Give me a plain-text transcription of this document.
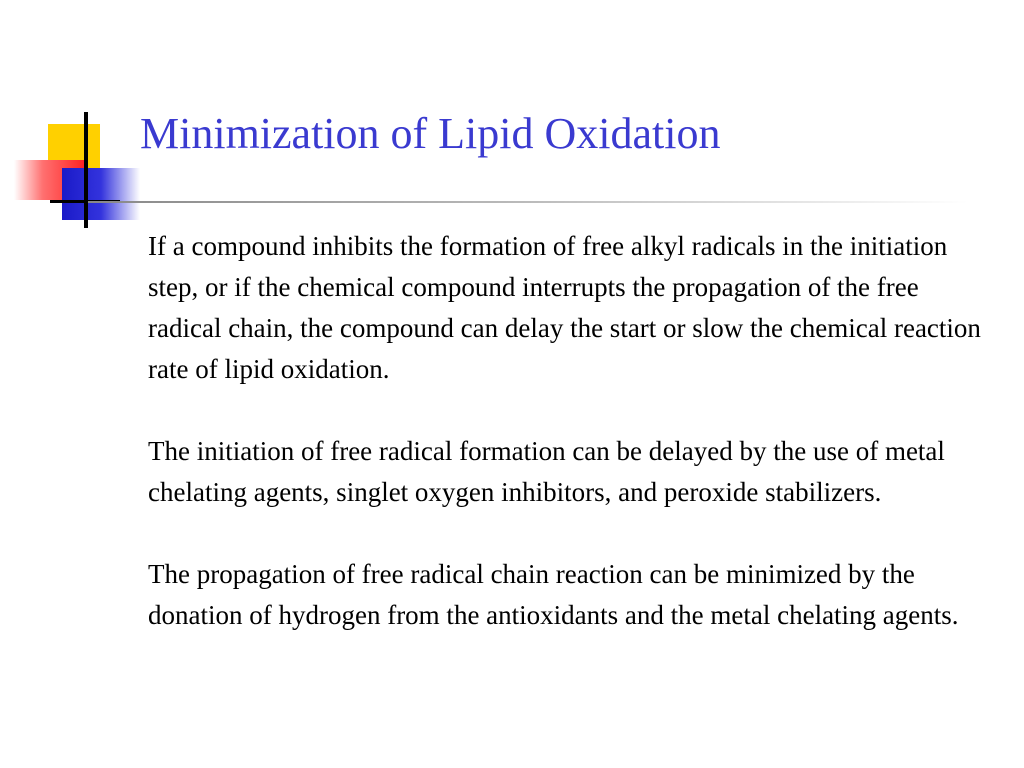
Minimization of Lipid Oxidation

If a compound inhibits the formation of free alkyl radicals in the initiation step, or if the chemical compound interrupts the propagation of the free radical chain, the compound can delay the start or slow the chemical reaction rate of lipid oxidation.

The initiation of free radical formation can be delayed by the use of metal chelating agents, singlet oxygen inhibitors, and peroxide stabilizers.

The propagation of free radical chain reaction can be minimized by the donation of hydrogen from the antioxidants and the metal chelating agents.
